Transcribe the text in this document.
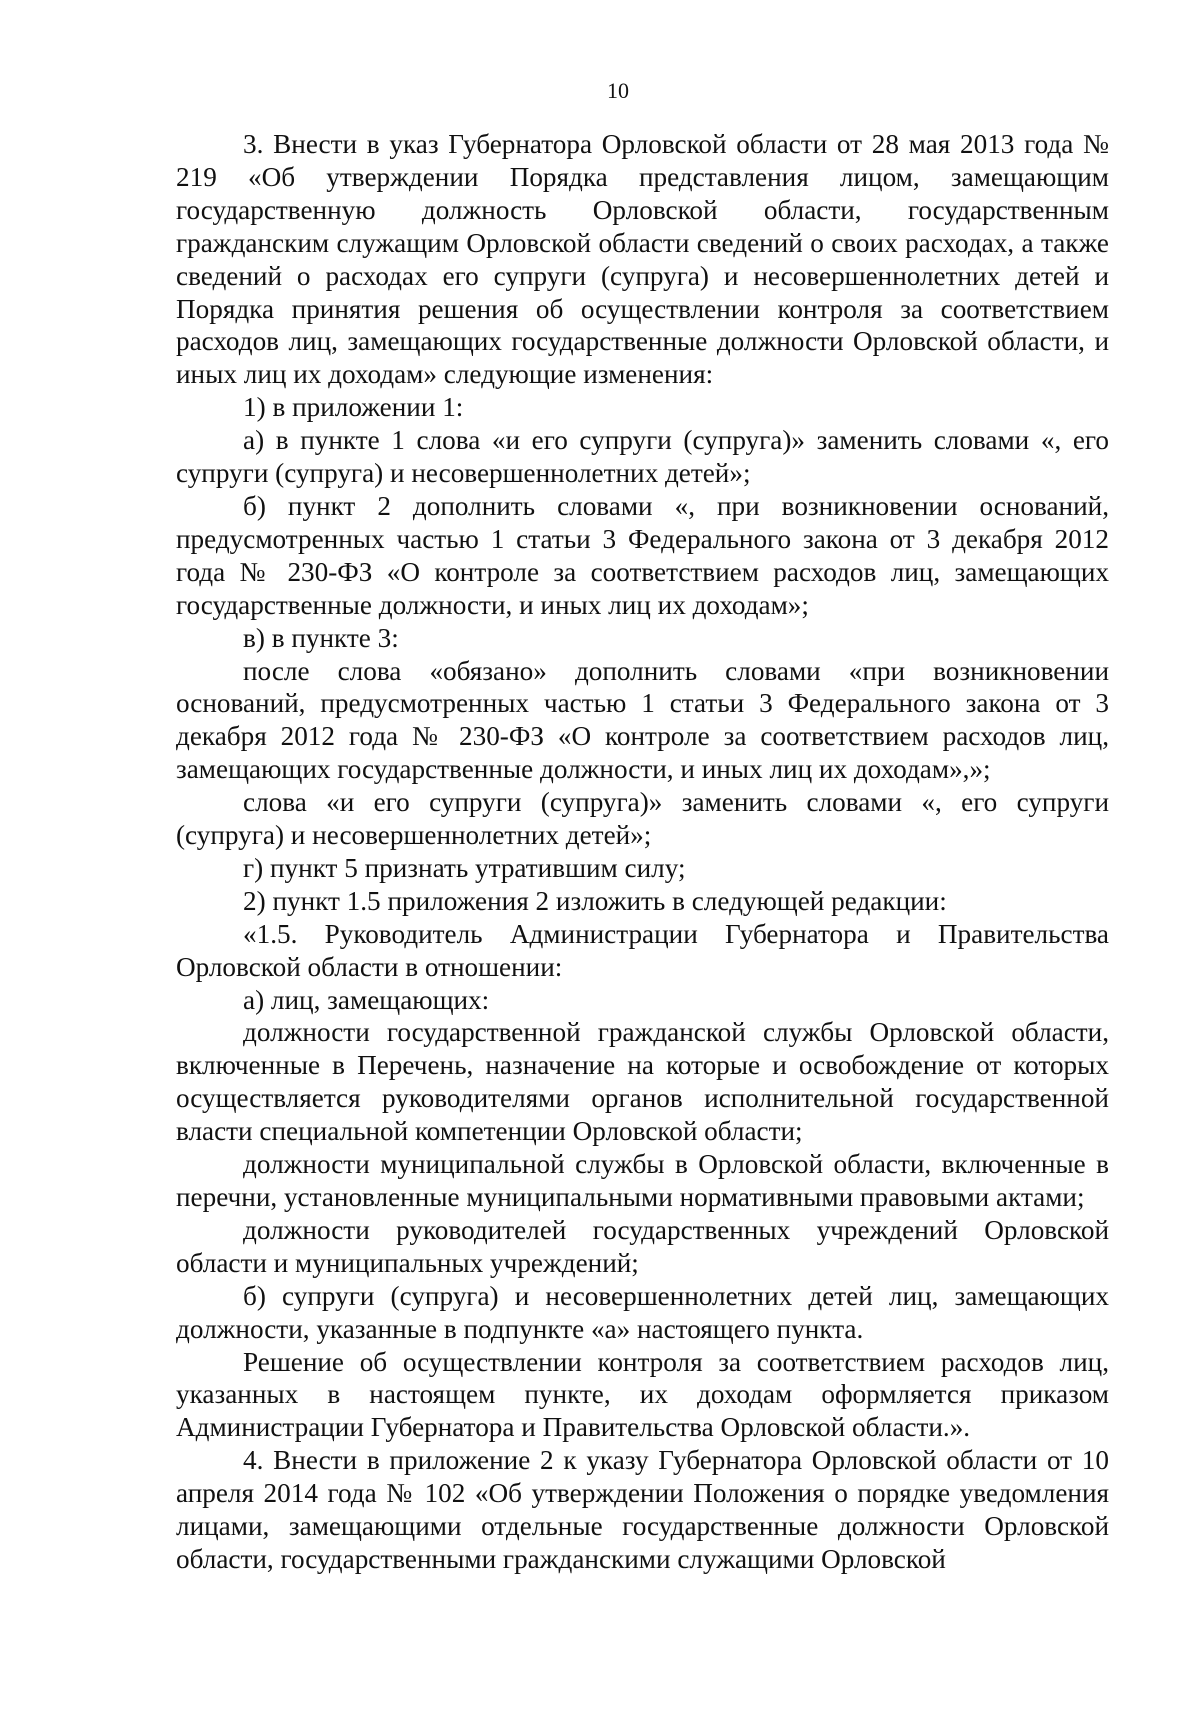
10

3. Внести в указ Губернатора Орловской области от 28 мая 2013 года № 219 «Об утверждении Порядка представления лицом, замещающим государственную должность Орловской области, государственным гражданским служащим Орловской области сведений о своих расходах, а также сведений о расходах его супруги (супруга) и несовершеннолетних детей и Порядка принятия решения об осуществлении контроля за соответствием расходов лиц, замещающих государственные должности Орловской области, и иных лиц их доходам» следующие изменения:

1) в приложении 1:

а) в пункте 1 слова «и его супруги (супруга)» заменить словами «, его супруги (супруга) и несовершеннолетних детей»;

б) пункт 2 дополнить словами «, при возникновении оснований, предусмотренных частью 1 статьи 3 Федерального закона от 3 декабря 2012 года № 230-ФЗ «О контроле за соответствием расходов лиц, замещающих государственные должности, и иных лиц их доходам»;

в) в пункте 3:

после слова «обязано» дополнить словами «при возникновении оснований, предусмотренных частью 1 статьи 3 Федерального закона от 3 декабря 2012 года № 230-ФЗ «О контроле за соответствием расходов лиц, замещающих государственные должности, и иных лиц их доходам»,»;

слова «и его супруги (супруга)» заменить словами «, его супруги (супруга) и несовершеннолетних детей»;

г) пункт 5 признать утратившим силу;

2) пункт 1.5 приложения 2 изложить в следующей редакции:

«1.5. Руководитель Администрации Губернатора и Правительства Орловской области в отношении:

а) лиц, замещающих:

должности государственной гражданской службы Орловской области, включенные в Перечень, назначение на которые и освобождение от которых осуществляется руководителями органов исполнительной государственной власти специальной компетенции Орловской области;

должности муниципальной службы в Орловской области, включенные в перечни, установленные муниципальными нормативными правовыми актами;

должности руководителей государственных учреждений Орловской области и муниципальных учреждений;

б) супруги (супруга) и несовершеннолетних детей лиц, замещающих должности, указанные в подпункте «а» настоящего пункта.

Решение об осуществлении контроля за соответствием расходов лиц, указанных в настоящем пункте, их доходам оформляется приказом Администрации Губернатора и Правительства Орловской области.».

4. Внести в приложение 2 к указу Губернатора Орловской области от 10 апреля 2014 года № 102 «Об утверждении Положения о порядке уведомления лицами, замещающими отдельные государственные должности Орловской области, государственными гражданскими служащими Орловской
